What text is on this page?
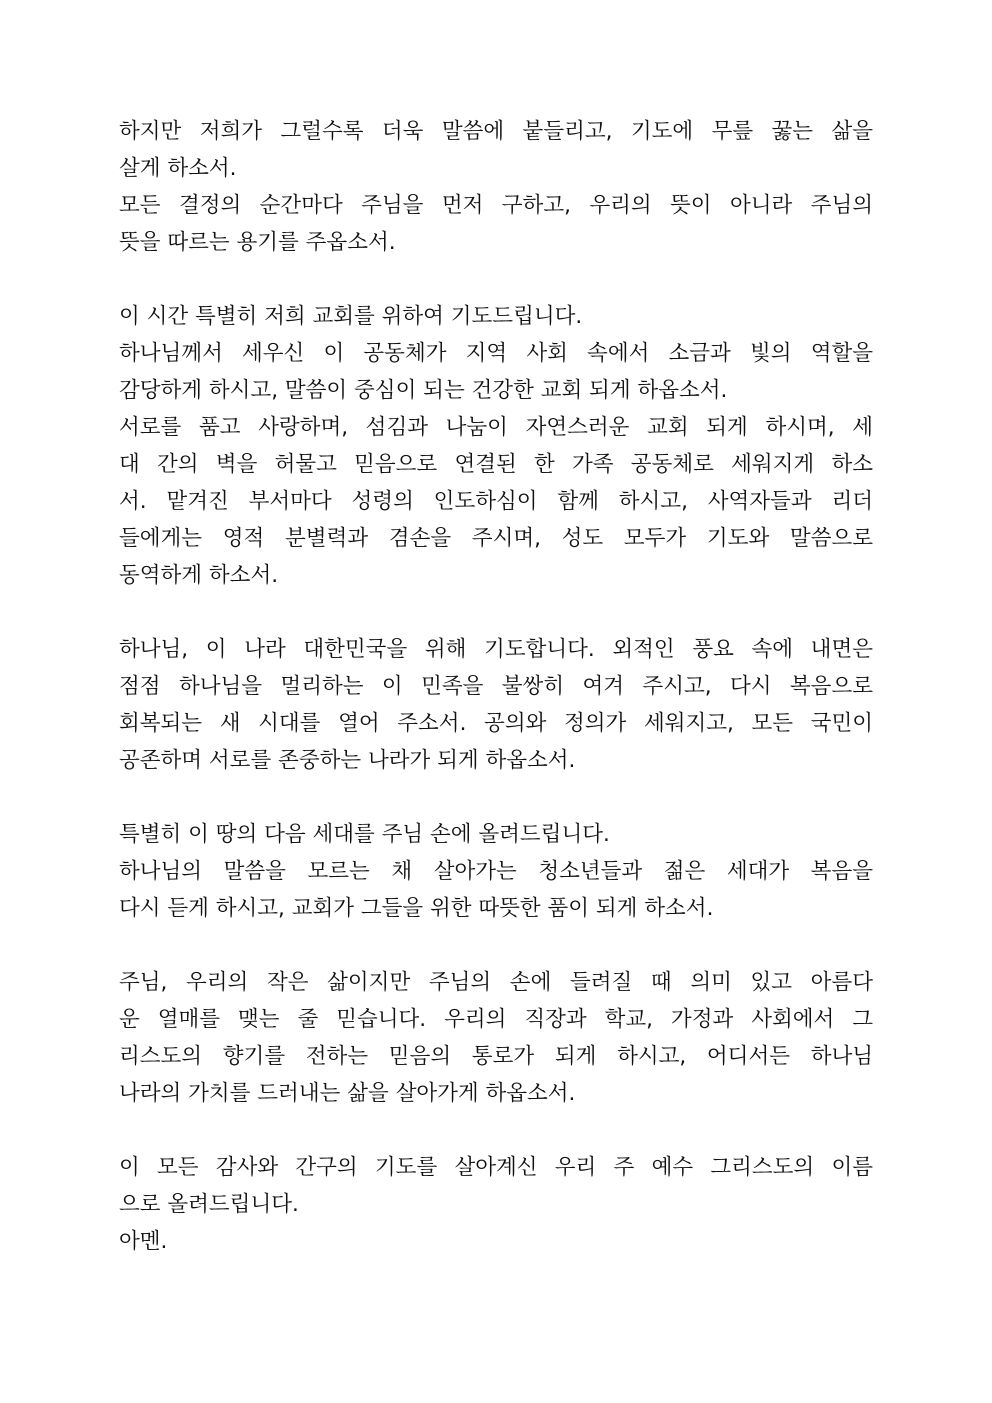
하지만 저희가 그럴수록 더욱 말씀에 붙들리고, 기도에 무릎 꿇는 삶을
살게 하소서.
모든 결정의 순간마다 주님을 먼저 구하고, 우리의 뜻이 아니라 주님의
뜻을 따르는 용기를 주옵소서.
이 시간 특별히 저희 교회를 위하여 기도드립니다.
하나님께서 세우신 이 공동체가 지역 사회 속에서 소금과 빛의 역할을
감당하게 하시고, 말씀이 중심이 되는 건강한 교회 되게 하옵소서.
서로를 품고 사랑하며, 섬김과 나눔이 자연스러운 교회 되게 하시며, 세
대 간의 벽을 허물고 믿음으로 연결된 한 가족 공동체로 세워지게 하소
서. 맡겨진 부서마다 성령의 인도하심이 함께 하시고, 사역자들과 리더
들에게는 영적 분별력과 겸손을 주시며, 성도 모두가 기도와 말씀으로
동역하게 하소서.
하나님, 이 나라 대한민국을 위해 기도합니다. 외적인 풍요 속에 내면은
점점 하나님을 멀리하는 이 민족을 불쌍히 여겨 주시고, 다시 복음으로
회복되는 새 시대를 열어 주소서. 공의와 정의가 세워지고, 모든 국민이
공존하며 서로를 존중하는 나라가 되게 하옵소서.
특별히 이 땅의 다음 세대를 주님 손에 올려드립니다.
하나님의 말씀을 모르는 채 살아가는 청소년들과 젊은 세대가 복음을
다시 듣게 하시고, 교회가 그들을 위한 따뜻한 품이 되게 하소서.
주님, 우리의 작은 삶이지만 주님의 손에 들려질 때 의미 있고 아름다
운 열매를 맺는 줄 믿습니다. 우리의 직장과 학교, 가정과 사회에서 그
리스도의 향기를 전하는 믿음의 통로가 되게 하시고, 어디서든 하나님
나라의 가치를 드러내는 삶을 살아가게 하옵소서.
이 모든 감사와 간구의 기도를 살아계신 우리 주 예수 그리스도의 이름
으로 올려드립니다.
아멘.
